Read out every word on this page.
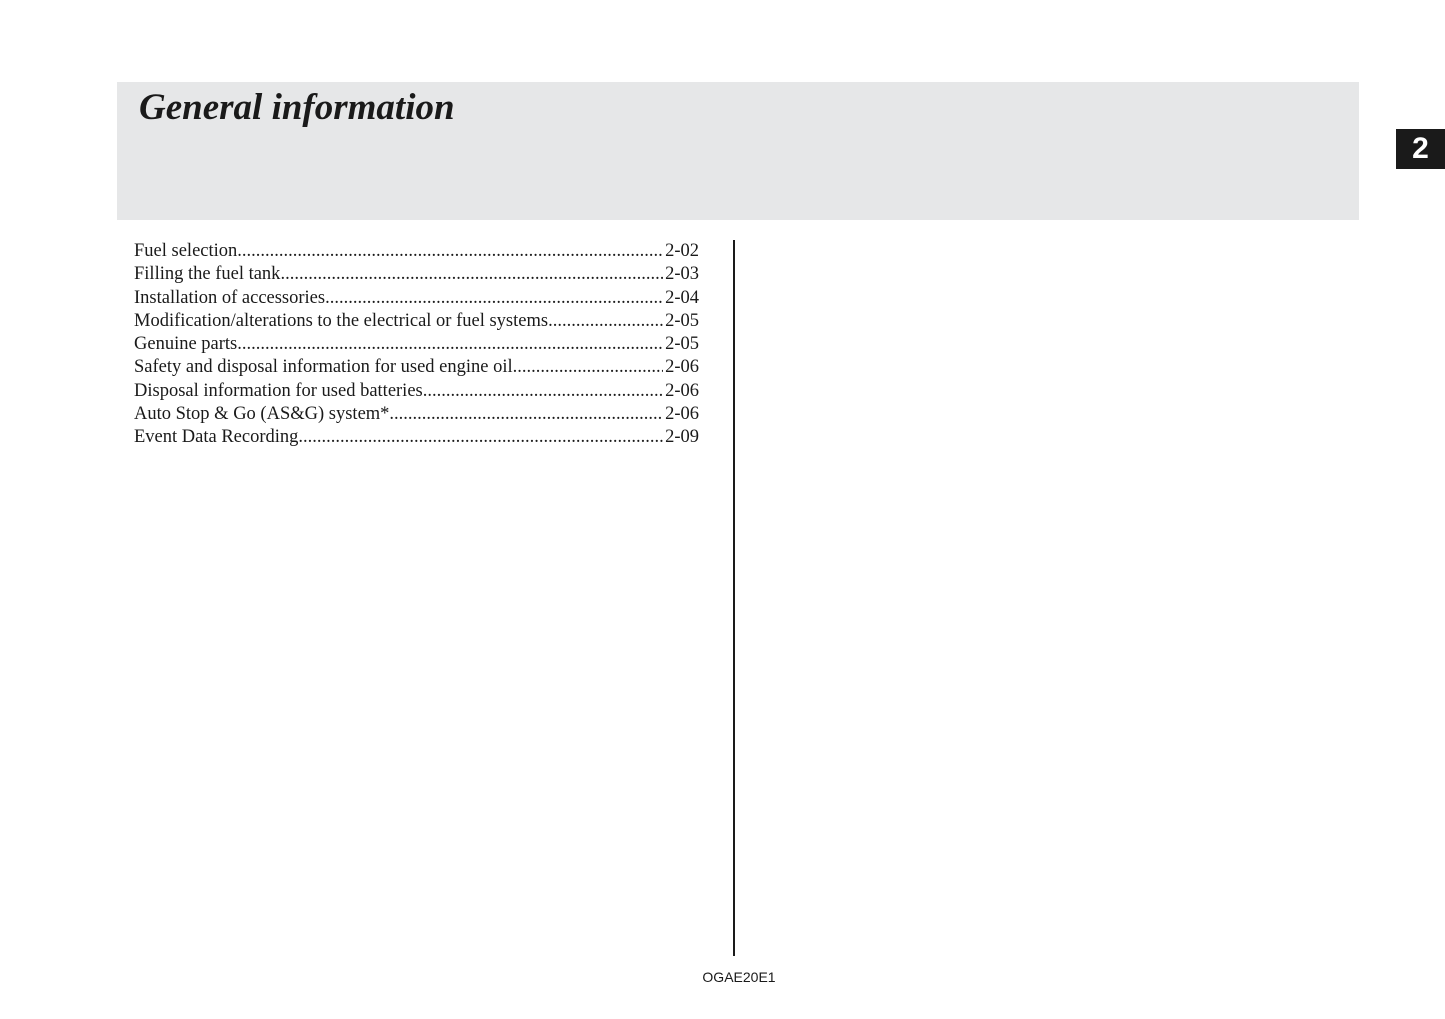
General information
2
Fuel selection .....	2-02
Filling the fuel tank .....	2-03
Installation of accessories .....	2-04
Modification/alterations to the electrical or fuel systems .....	2-05
Genuine parts .....	2-05
Safety and disposal information for used engine oil .....	2-06
Disposal information for used batteries .....	2-06
Auto Stop & Go (AS&G) system* .....	2-06
Event Data Recording .....	2-09
OGAE20E1
